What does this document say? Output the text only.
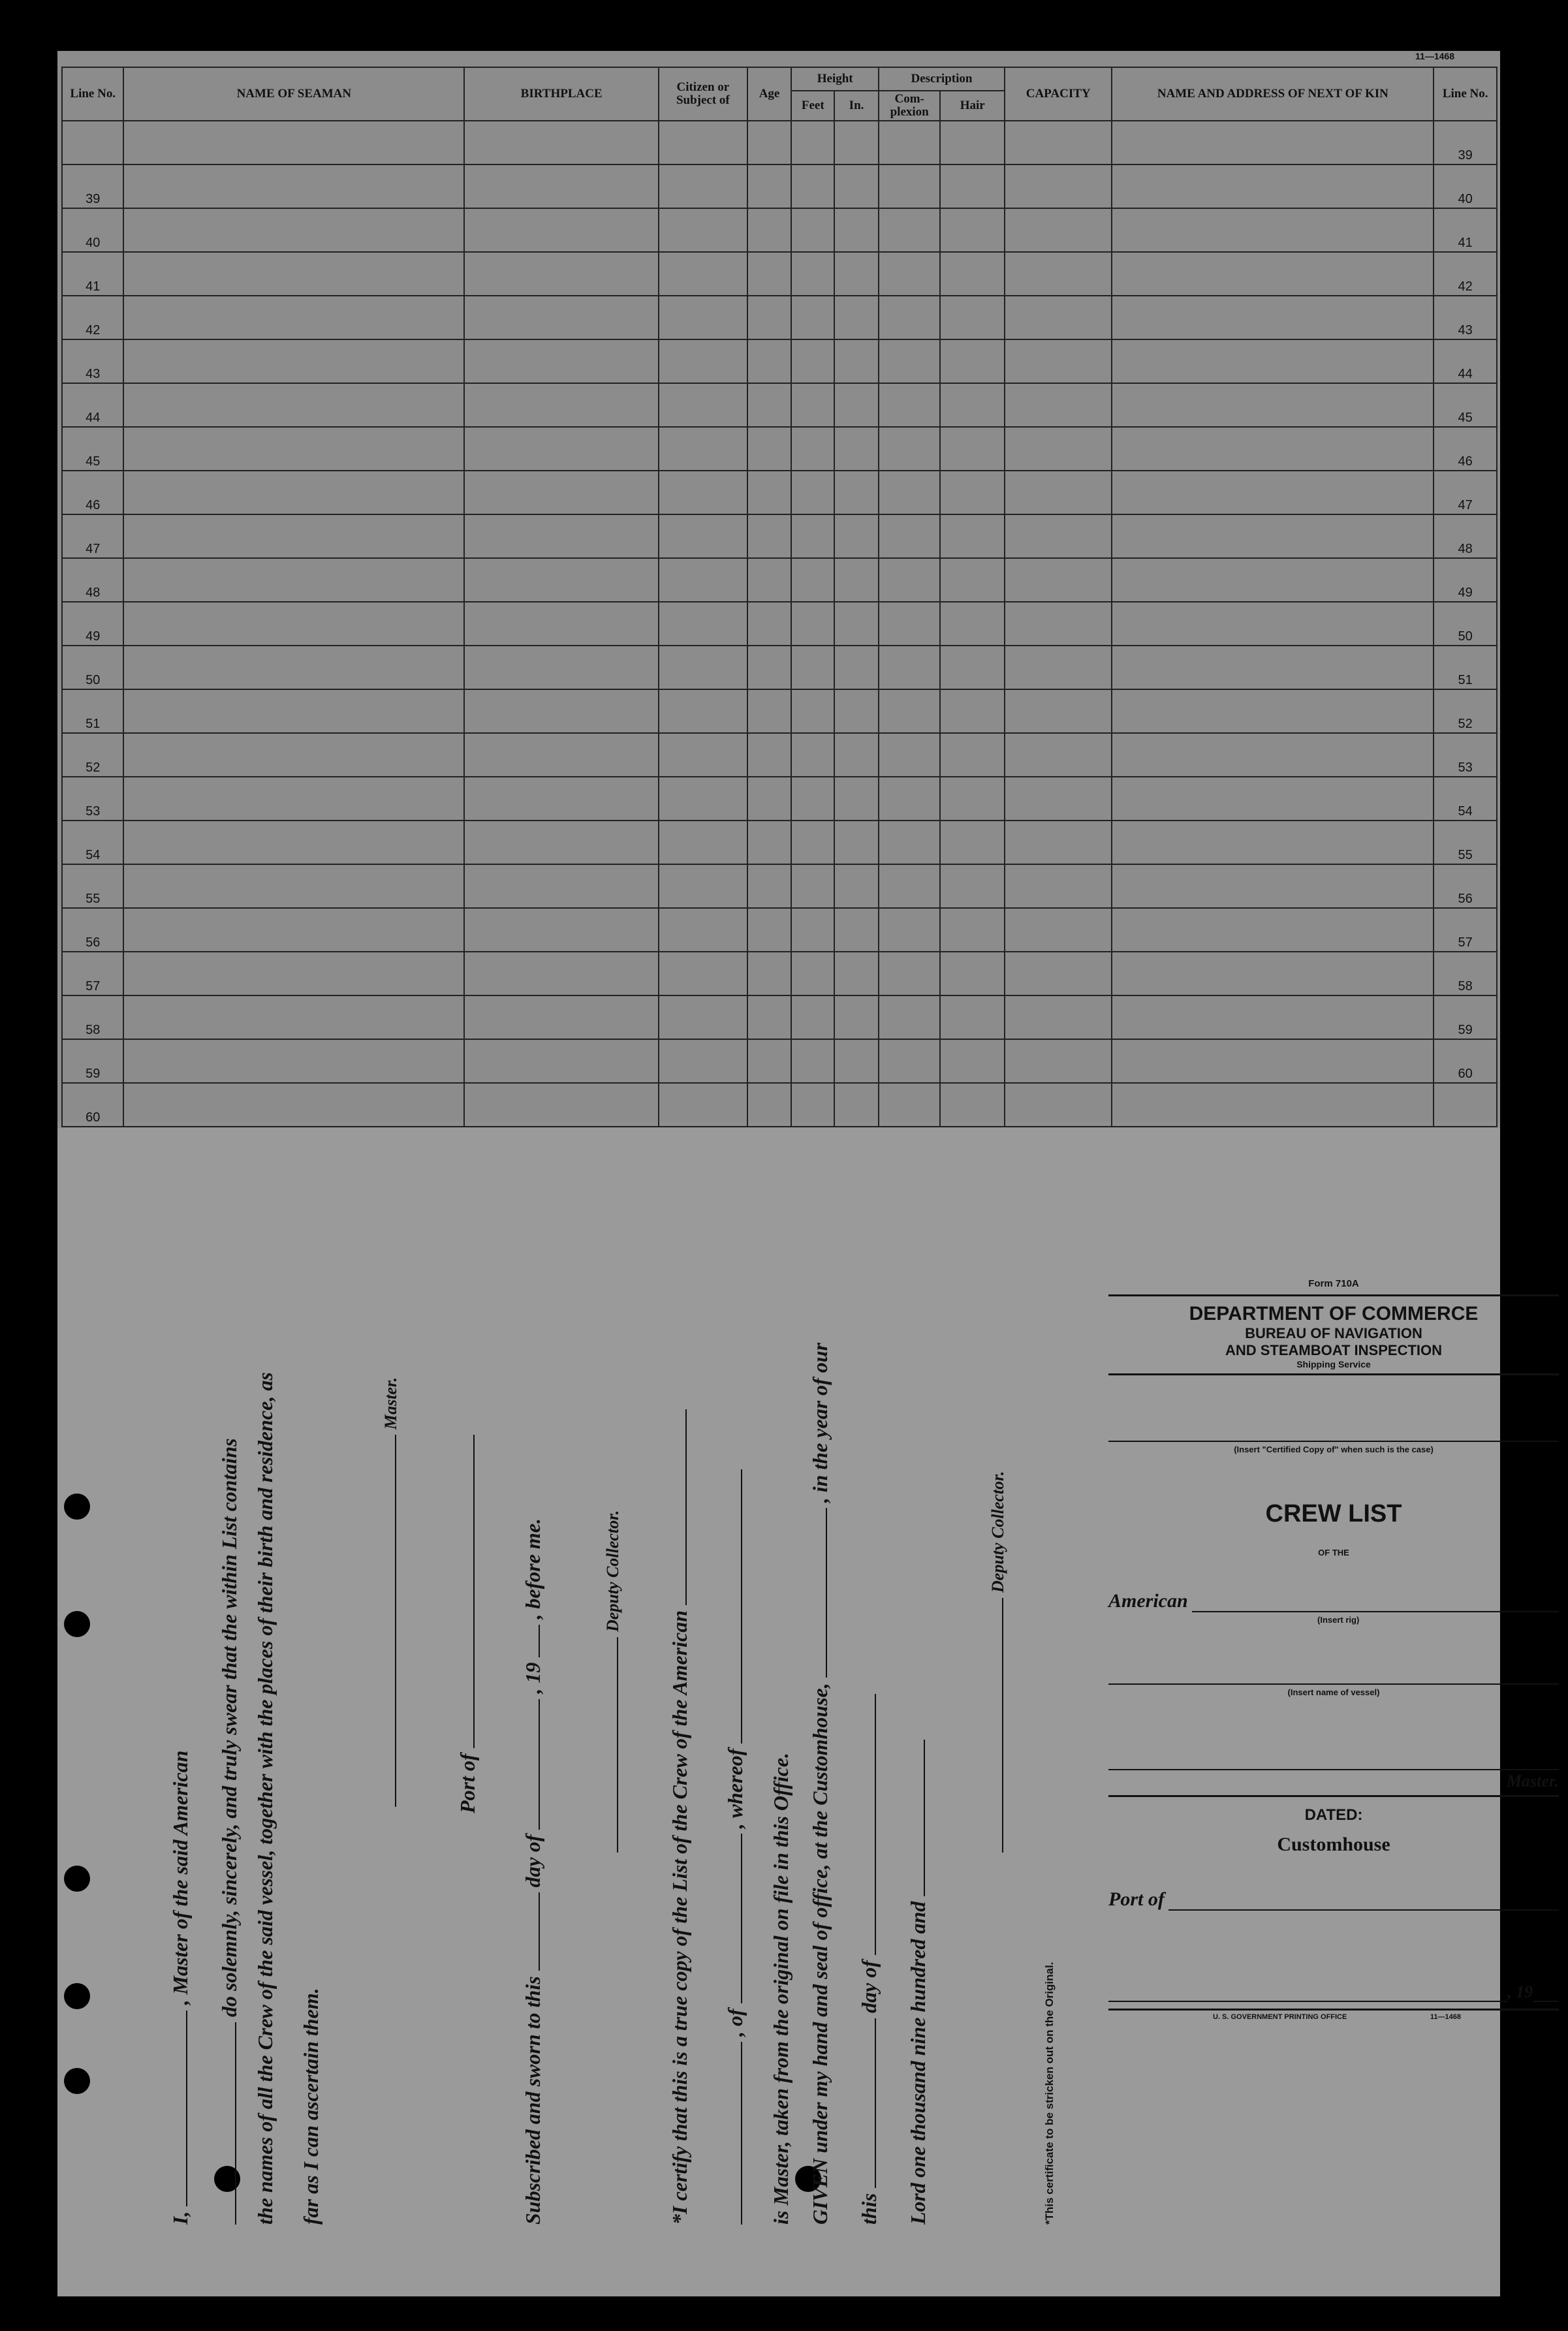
11—1468
Line No.	NAME OF SEAMAN	BIRTHPLACE	Citizen or Subject of	Age	Height		Description		CAPACITY	NAME AND ADDRESS OF NEXT OF KIN	Line No.
					Feet	In.	Com- plexion	Hair			
											39
39											40
40											41
41											42
42											43
43											44
44											45
45											46
46											47
47											48
48											49
49											50
50											51
51											52
52											53
53											54
54											55
55											56
56											57
57											58
58											59
59											60
60											
I,  , Master of the said American do solemnly, sincerely, and truly swear that the within List contains the names of all the Crew of the said vessel, together with the places of their birth and residence, as far as I can ascertain them.
Master.
Port of
Subscribed and sworn to this  day of  , 19  , before me.	Deputy Collector.
*I certify that this is a true copy of the List of the Crew of the American , of  , whereof is Master, taken from the original on file in this Office. GIVEN under my hand and seal of office, at the Customhouse,  , in the year of our
this  day of Lord one thousand nine hundred and
Deputy Collector.
*This certificate to be stricken out on the Original.
Form 710A
DEPARTMENT OF COMMERCE
BUREAU OF NAVIGATION
AND STEAMBOAT INSPECTION
Shipping Service
(Insert "Certified Copy of" when such is the case)
CREW LIST
OF THE
American
(Insert rig)
(Insert name of vessel)
Master.
DATED:
Customhouse
Port of
, 19
U. S. GOVERNMENT PRINTING OFFICE	11—1468
